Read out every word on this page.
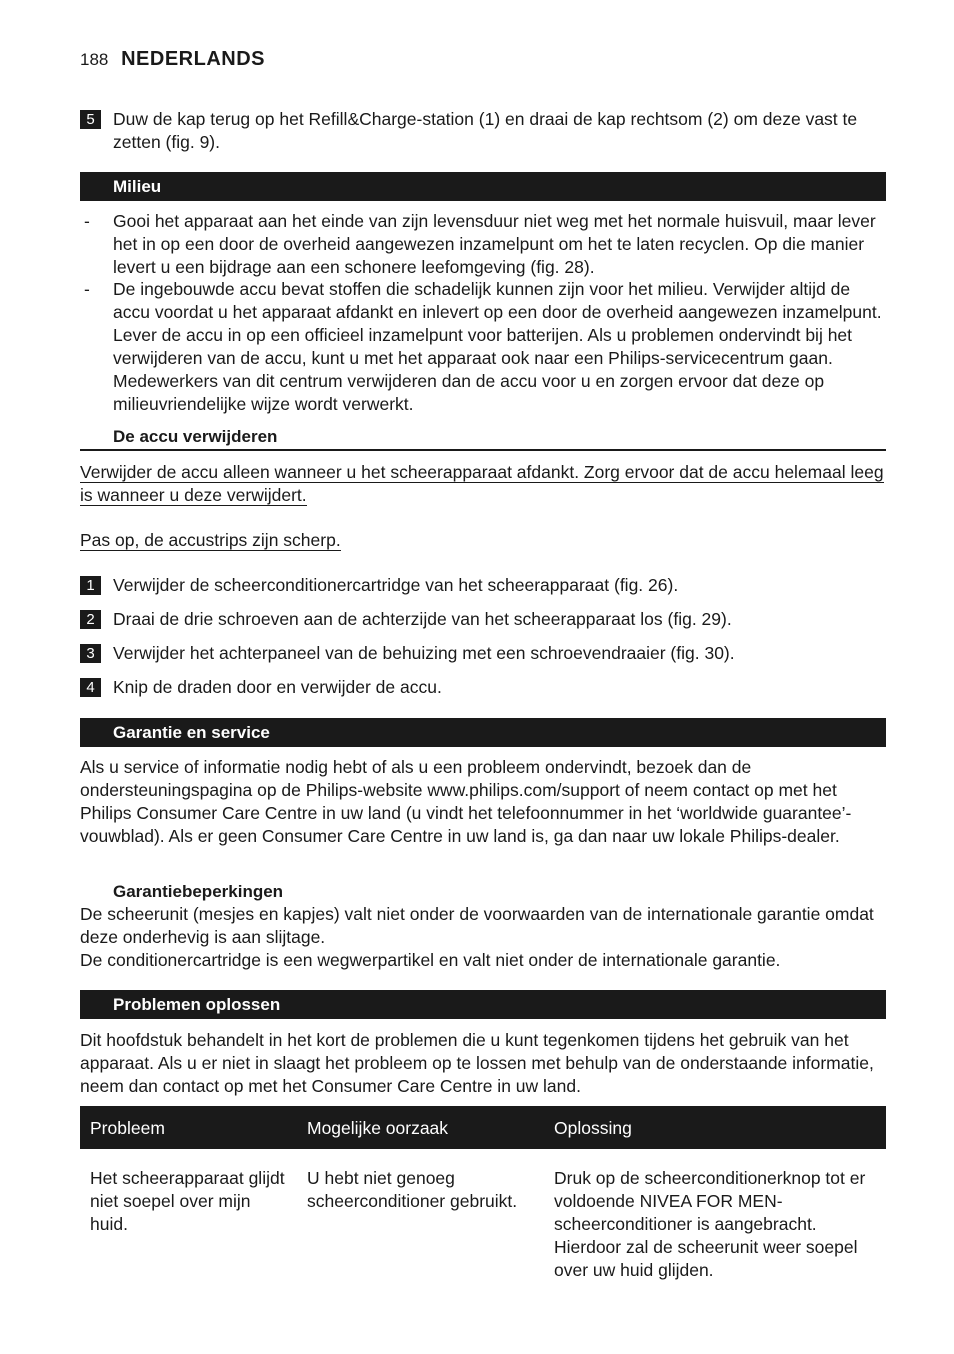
188 NEDERLANDS
5	Duw de kap terug op het Refill&Charge-station (1) en draai de kap rechtsom (2) om deze vast te zetten (fig. 9).
Milieu
-	Gooi het apparaat aan het einde van zijn levensduur niet weg met het normale huisvuil, maar lever het in op een door de overheid aangewezen inzamelpunt om het te laten recyclen. Op die manier levert u een bijdrage aan een schonere leefomgeving (fig. 28).
-	De ingebouwde accu bevat stoffen die schadelijk kunnen zijn voor het milieu. Verwijder altijd de accu voordat u het apparaat afdankt en inlevert op een door de overheid aangewezen inzamelpunt. Lever de accu in op een officieel inzamelpunt voor batterijen. Als u problemen ondervindt bij het verwijderen van de accu, kunt u met het apparaat ook naar een Philips-servicecentrum gaan. Medewerkers van dit centrum verwijderen dan de accu voor u en zorgen ervoor dat deze op milieuvriendelijke wijze wordt verwerkt.
De accu verwijderen
Verwijder de accu alleen wanneer u het scheerapparaat afdankt. Zorg ervoor dat de accu helemaal leeg is wanneer u deze verwijdert.
Pas op, de accustrips zijn scherp.
1	Verwijder de scheerconditionercartridge van het scheerapparaat (fig. 26).
2	Draai de drie schroeven aan de achterzijde van het scheerapparaat los (fig. 29).
3	Verwijder het achterpaneel van de behuizing met een schroevendraaier (fig. 30).
4	Knip de draden door en verwijder de accu.
Garantie en service
Als u service of informatie nodig hebt of als u een probleem ondervindt, bezoek dan de ondersteuningspagina op de Philips-website www.philips.com/support of neem contact op met het Philips Consumer Care Centre in uw land (u vindt het telefoonnummer in het ‘worldwide guarantee’-vouwblad). Als er geen Consumer Care Centre in uw land is, ga dan naar uw lokale Philips-dealer.
Garantiebeperkingen
De scheerunit (mesjes en kapjes) valt niet onder de voorwaarden van de internationale garantie omdat deze onderhevig is aan slijtage.
De conditionercartridge is een wegwerpartikel en valt niet onder de internationale garantie.
Problemen oplossen
Dit hoofdstuk behandelt in het kort de problemen die u kunt tegenkomen tijdens het gebruik van het apparaat. Als u er niet in slaagt het probleem op te lossen met behulp van de onderstaande informatie, neem dan contact op met het Consumer Care Centre in uw land.
Probleem	Mogelijke oorzaak	Oplossing
Het scheerapparaat glijdt niet soepel over mijn huid.	U hebt niet genoeg scheerconditioner gebruikt.	Druk op de scheerconditionerknop tot er voldoende NIVEA FOR MEN-scheerconditioner is aangebracht. Hierdoor zal de scheerunit weer soepel over uw huid glijden.
